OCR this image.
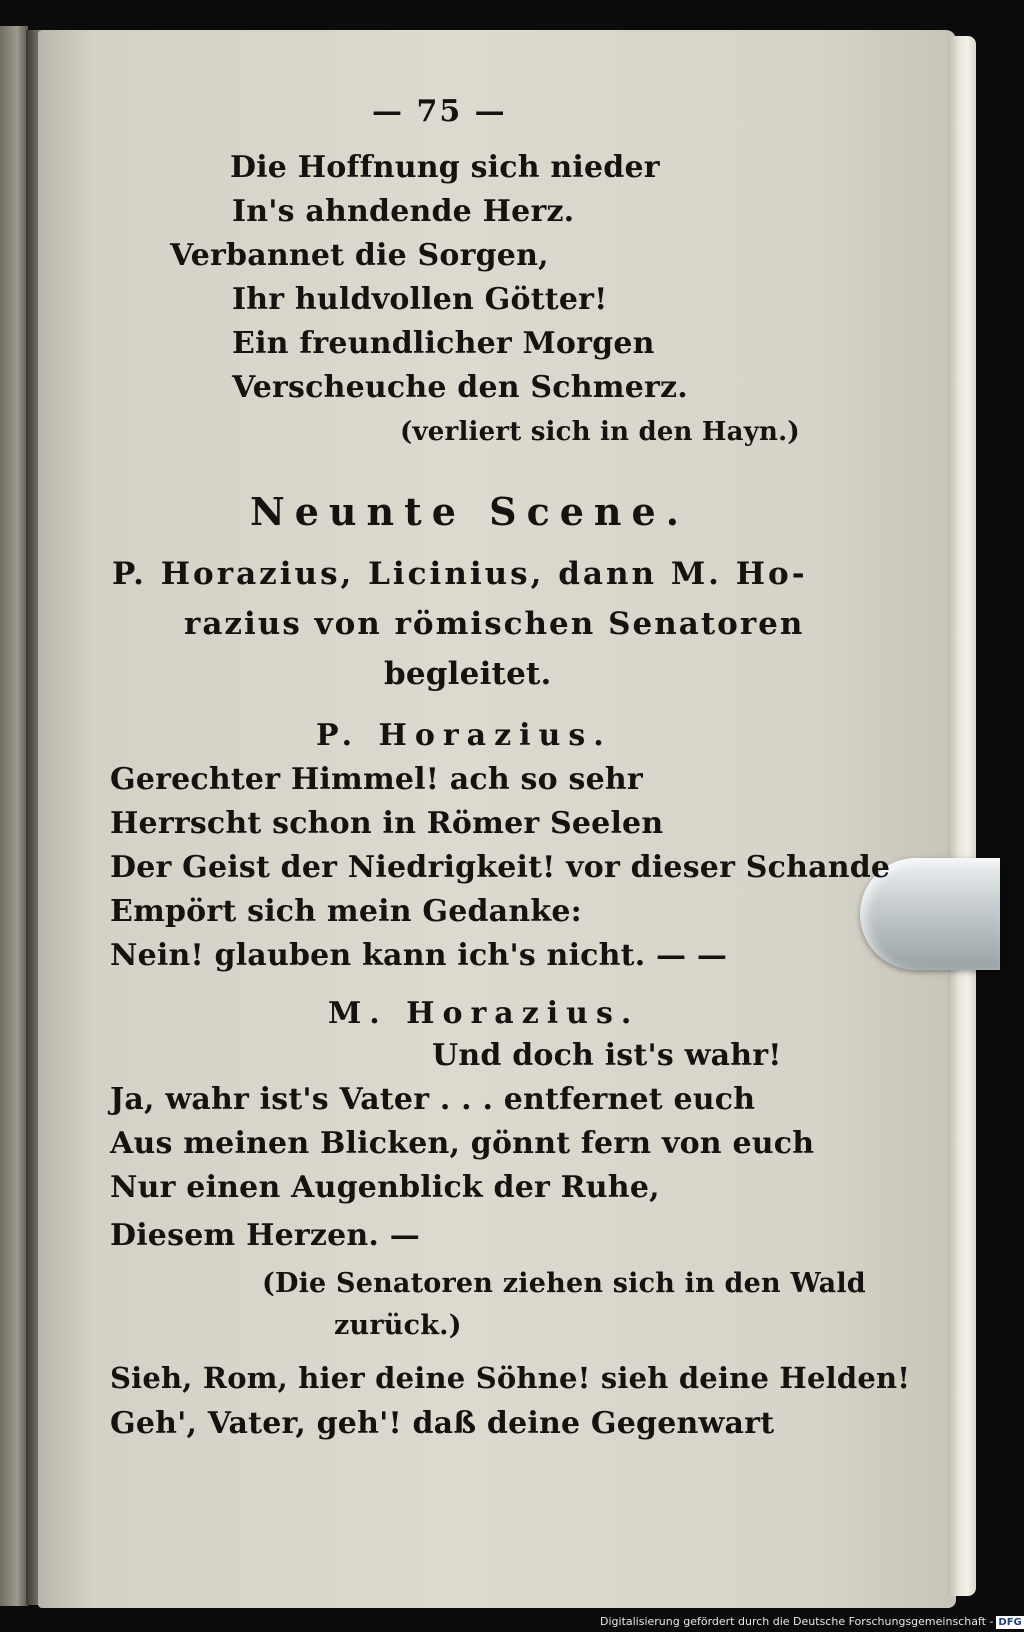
— 75 —
Die Hoffnung sich nieder
In's ahndende Herz.
Verbannet die Sorgen,
Ihr huldvollen Götter!
Ein freundlicher Morgen
Verscheuche den Schmerz.
(verliert sich in den Hayn.)
Neunte Scene.
P. Horazius, Licinius, dann M. Ho-
razius von römischen Senatoren
begleitet.
P. Horazius.
Gerechter Himmel! ach so sehr
Herrscht schon in Römer Seelen
Der Geist der Niedrigkeit! vor dieser Schande
Empört sich mein Gedanke:
Nein! glauben kann ich's nicht. — —
M. Horazius.
Und doch ist's wahr!
Ja, wahr ist's Vater . . . entfernet euch
Aus meinen Blicken, gönnt fern von euch
Nur einen Augenblick der Ruhe,
Diesem Herzen. —
(Die Senatoren ziehen sich in den Wald
zurück.)
Sieh, Rom, hier deine Söhne! sieh deine Helden!
Geh', Vater, geh'! daß deine Gegenwart
Digitalisierung gefördert durch die Deutsche Forschungsgemeinschaft - DFG
